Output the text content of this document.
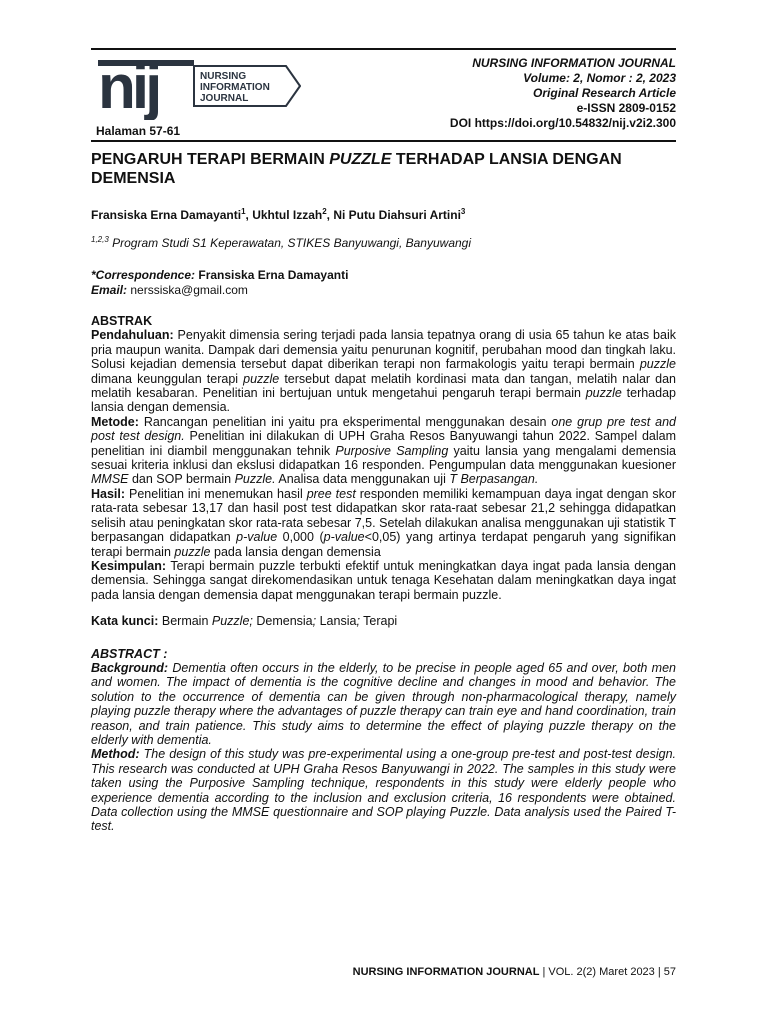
nij	NURSING
INFORMATION
JOURNAL
Halaman 57-61
NURSING INFORMATION JOURNAL
Volume: 2, Nomor : 2, 2023
Original Research Article
e-ISSN 2809-0152
DOI https://doi.org/10.54832/nij.v2i2.300
PENGARUH TERAPI BERMAIN PUZZLE TERHADAP LANSIA DENGAN DEMENSIA
Fransiska Erna Damayanti$^1$, Ukhtul Izzah$^2$, Ni Putu Diahsuri Artini$^3$
$^{1,2,3}$ Program Studi S1 Keperawatan, STIKES Banyuwangi, Banyuwangi
*Correspondence: Fransiska Erna Damayanti
Email: nerssiska@gmail.com

ABSTRAK

Pendahuluan: Penyakit dimensia sering terjadi pada lansia tepatnya orang di usia 65 tahun ke atas baik pria maupun wanita. Dampak dari demensia yaitu penurunan kognitif, perubahan mood dan tingkah laku. Solusi kejadian demensia tersebut dapat diberikan terapi non farmakologis yaitu terapi bermain puzzle dimana keunggulan terapi puzzle tersebut dapat melatih kordinasi mata dan tangan, melatih nalar dan melatih kesabaran. Penelitian ini bertujuan untuk mengetahui pengaruh terapi bermain puzzle terhadap lansia dengan demensia.

Metode: Rancangan penelitian ini yaitu pra eksperimental menggunakan desain one grup pre test and post test design. Penelitian ini dilakukan di UPH Graha Resos Banyuwangi tahun 2022. Sampel dalam penelitian ini diambil menggunakan tehnik Purposive Sampling yaitu lansia yang mengalami demensia sesuai kriteria inklusi dan ekslusi didapatkan 16 responden. Pengumpulan data menggunakan kuesioner MMSE dan SOP bermain Puzzle. Analisa data menggunakan uji T Berpasangan.

Hasil: Penelitian ini menemukan hasil pree test responden memiliki kemampuan daya ingat dengan skor rata-rata sebesar 13,17 dan hasil post test didapatkan skor rata-raat sebesar 21,2 sehingga didapatkan selisih atau peningkatan skor rata-rata sebesar 7,5. Setelah dilakukan analisa menggunakan uji statistik T berpasangan didapatkan p-value 0,000 (p-value<0,05) yang artinya terdapat pengaruh yang signifikan terapi bermain puzzle pada lansia dengan demensia

Kesimpulan: Terapi bermain puzzle terbukti efektif untuk meningkatkan daya ingat pada lansia dengan demensia. Sehingga sangat direkomendasikan untuk tenaga Kesehatan dalam meningkatkan daya ingat pada lansia dengan demensia dapat menggunakan terapi bermain puzzle.

Kata kunci: Bermain Puzzle; Demensia; Lansia; Terapi

ABSTRACT :

Background: Dementia often occurs in the elderly, to be precise in people aged 65 and over, both men and women. The impact of dementia is the cognitive decline and changes in mood and behavior. The solution to the occurrence of dementia can be given through non-pharmacological therapy, namely playing puzzle therapy where the advantages of puzzle therapy can train eye and hand coordination, train reason, and train patience. This study aims to determine the effect of playing puzzle therapy on the elderly with dementia.

Method: The design of this study was pre-experimental using a one-group pre-test and post-test design. This research was conducted at UPH Graha Resos Banyuwangi in 2022. The samples in this study were taken using the Purposive Sampling technique, respondents in this study were elderly people who experience dementia according to the inclusion and exclusion criteria, 16 respondents were obtained. Data collection using the MMSE questionnaire and SOP playing Puzzle. Data analysis used the Paired T-test.

NURSING INFORMATION JOURNAL | VOL. 2(2) Maret 2023 | 57
